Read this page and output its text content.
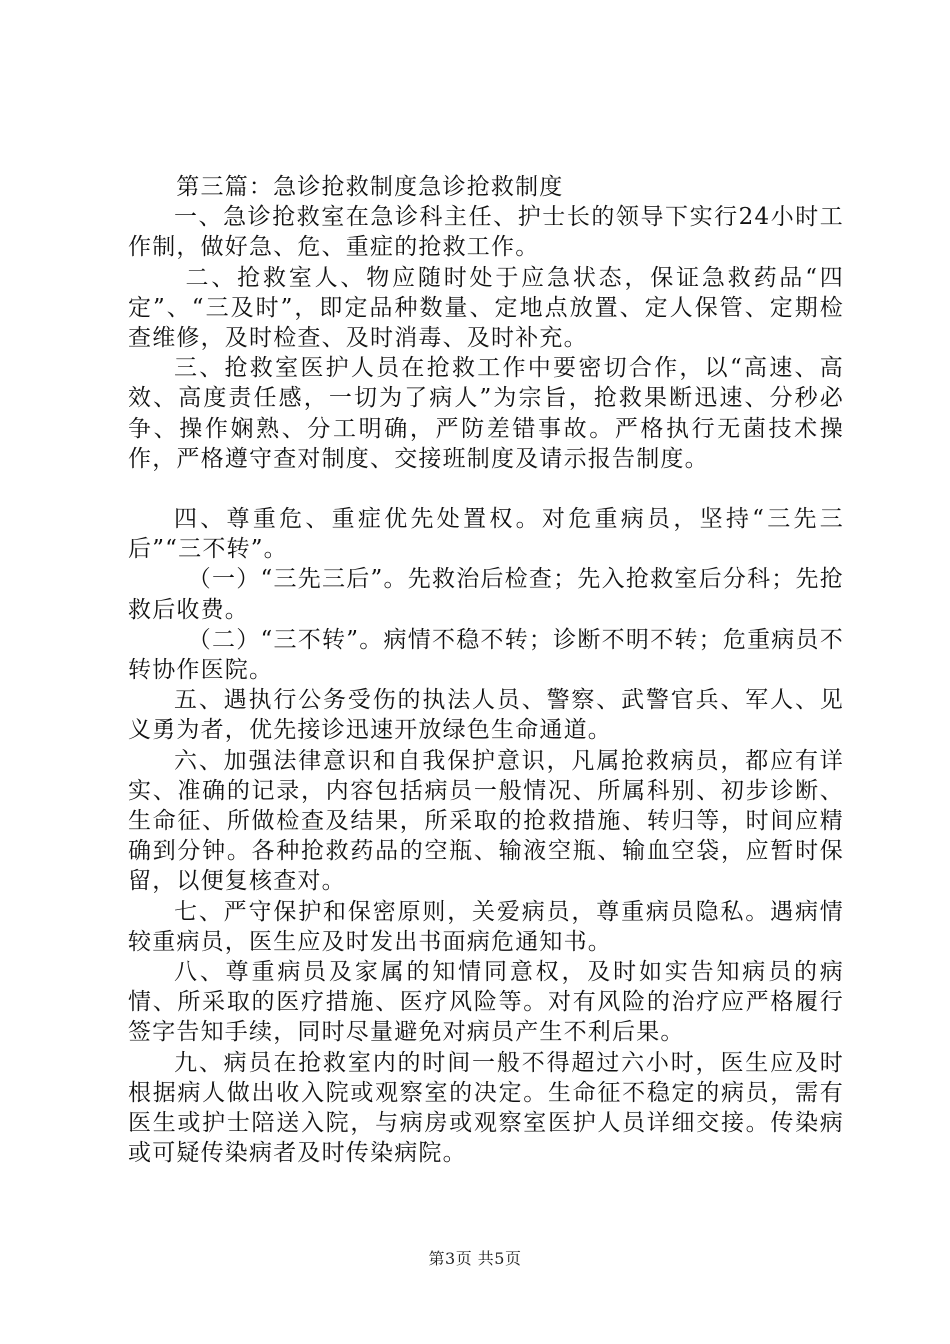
第三篇：急诊抢救制度急诊抢救制度

一、急诊抢救室在急诊科主任、护士长的领导下实行24小时工作制，做好急、危、重症的抢救工作。

二、抢救室人、物应随时处于应急状态，保证急救药品“四定”、“三及时”，即定品种数量、定地点放置、定人保管、定期检查维修，及时检查、及时消毒、及时补充。

三、抢救室医护人员在抢救工作中要密切合作，以“高速、高效、高度责任感，一切为了病人”为宗旨，抢救果断迅速、分秒必争、操作娴熟、分工明确，严防差错事故。严格执行无菌技术操作，严格遵守查对制度、交接班制度及请示报告制度。

四、尊重危、重症优先处置权。对危重病员，坚持“三先三后”“三不转”。

（一）“三先三后”。先救治后检查；先入抢救室后分科；先抢救后收费。

（二）“三不转”。病情不稳不转；诊断不明不转；危重病员不转协作医院。

五、遇执行公务受伤的执法人员、警察、武警官兵、军人、见义勇为者，优先接诊迅速开放绿色生命通道。

六、加强法律意识和自我保护意识，凡属抢救病员，都应有详实、准确的记录，内容包括病员一般情况、所属科别、初步诊断、生命征、所做检查及结果，所采取的抢救措施、转归等，时间应精确到分钟。各种抢救药品的空瓶、输液空瓶、输血空袋，应暂时保留，以便复核查对。

七、严守保护和保密原则，关爱病员，尊重病员隐私。遇病情较重病员，医生应及时发出书面病危通知书。

八、尊重病员及家属的知情同意权，及时如实告知病员的病情、所采取的医疗措施、医疗风险等。对有风险的治疗应严格履行签字告知手续，同时尽量避免对病员产生不利后果。

九、病员在抢救室内的时间一般不得超过六小时，医生应及时根据病人做出收入院或观察室的决定。生命征不稳定的病员，需有医生或护士陪送入院，与病房或观察室医护人员详细交接。传染病或可疑传染病者及时传染病院。

第3页 共5页
